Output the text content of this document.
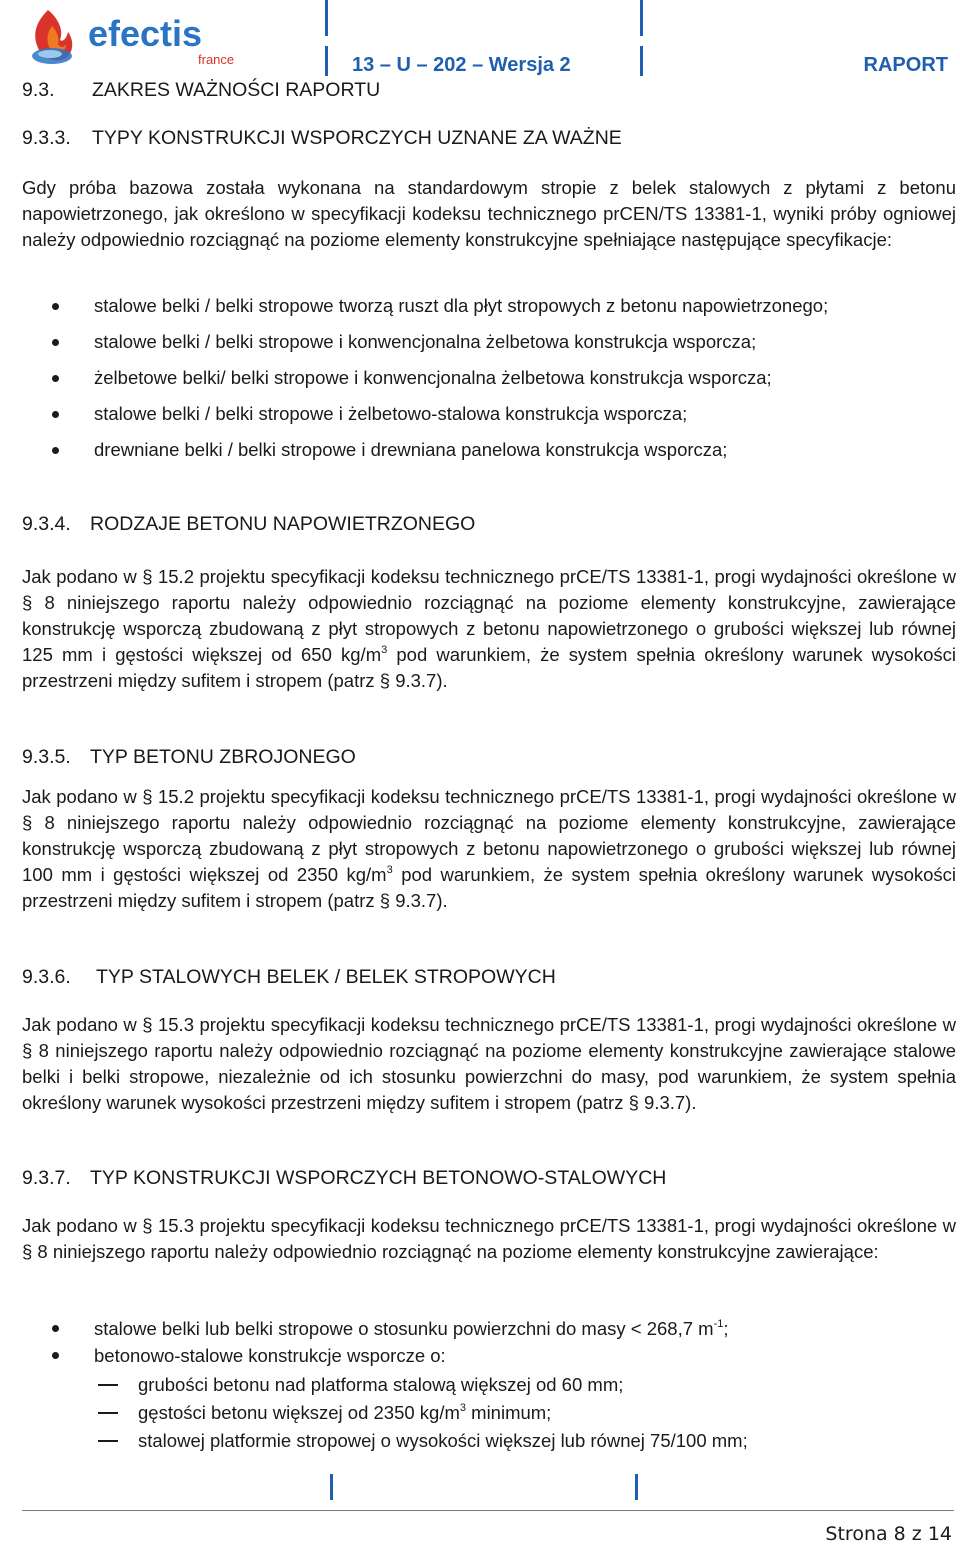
efectis
france	13 – U – 202 – Wersja 2	RAPORT
9.3. ZAKRES WAŻNOŚCI RAPORTU
9.3.3. TYPY KONSTRUKCJI WSPORCZYCH UZNANE ZA WAŻNE
Gdy próba bazowa została wykonana na standardowym stropie z belek stalowych z płytami z betonu napowietrzonego, jak określono w specyfikacji kodeksu technicznego prCEN/TS 13381-1, wyniki próby ogniowej należy odpowiednio rozciągnąć na poziome elementy konstrukcyjne spełniające następujące specyfikacje:
stalowe belki / belki stropowe tworzą ruszt dla płyt stropowych z betonu napowietrzonego;
stalowe belki / belki stropowe i konwencjonalna żelbetowa konstrukcja wsporcza;
żelbetowe belki/ belki stropowe i konwencjonalna żelbetowa konstrukcja wsporcza;
stalowe belki / belki stropowe i żelbetowo-stalowa konstrukcja wsporcza;
drewniane belki / belki stropowe i drewniana panelowa konstrukcja wsporcza;
9.3.4. RODZAJE BETONU NAPOWIETRZONEGO
Jak podano w § 15.2 projektu specyfikacji kodeksu technicznego prCE/TS 13381-1, progi wydajności określone w § 8 niniejszego raportu należy odpowiednio rozciągnąć na poziome elementy konstrukcyjne, zawierające konstrukcję wsporczą zbudowaną z płyt stropowych z betonu napowietrzonego o grubości większej lub równej 125 mm i gęstości większej od 650 $kg/m^3$ pod warunkiem, że system spełnia określony warunek wysokości przestrzeni między sufitem i stropem (patrz § 9.3.7).
9.3.5. TYP BETONU ZBROJONEGO
Jak podano w § 15.2 projektu specyfikacji kodeksu technicznego prCE/TS 13381-1, progi wydajności określone w § 8 niniejszego raportu należy odpowiednio rozciągnąć na poziome elementy konstrukcyjne, zawierające konstrukcję wsporczą zbudowaną z płyt stropowych z betonu napowietrzonego o grubości większej lub równej 100 mm i gęstości większej od 2350 $kg/m^3$ pod warunkiem, że system spełnia określony warunek wysokości przestrzeni między sufitem i stropem (patrz § 9.3.7).
9.3.6. TYP STALOWYCH BELEK / BELEK STROPOWYCH
Jak podano w § 15.3 projektu specyfikacji kodeksu technicznego prCE/TS 13381-1, progi wydajności określone w § 8 niniejszego raportu należy odpowiednio rozciągnąć na poziome elementy konstrukcyjne zawierające stalowe belki i belki stropowe, niezależnie od ich stosunku powierzchni do masy, pod warunkiem, że system spełnia określony warunek wysokości przestrzeni między sufitem i stropem (patrz § 9.3.7).
9.3.7. TYP KONSTRUKCJI WSPORCZYCH BETONOWO-STALOWYCH
Jak podano w § 15.3 projektu specyfikacji kodeksu technicznego prCE/TS 13381-1, progi wydajności określone w § 8 niniejszego raportu należy odpowiednio rozciągnąć na poziome elementy konstrukcyjne zawierające:
stalowe belki lub belki stropowe o stosunku powierzchni do masy < 268,7 $m^{-1}$;
betonowo-stalowe konstrukcje wsporcze o:
grubości betonu nad platforma stalową większej od 60 mm;
gęstości betonu większej od 2350 $kg/m^3$ minimum;
stalowej platformie stropowej o wysokości większej lub równej 75/100 mm;
Strona 8 z 14
